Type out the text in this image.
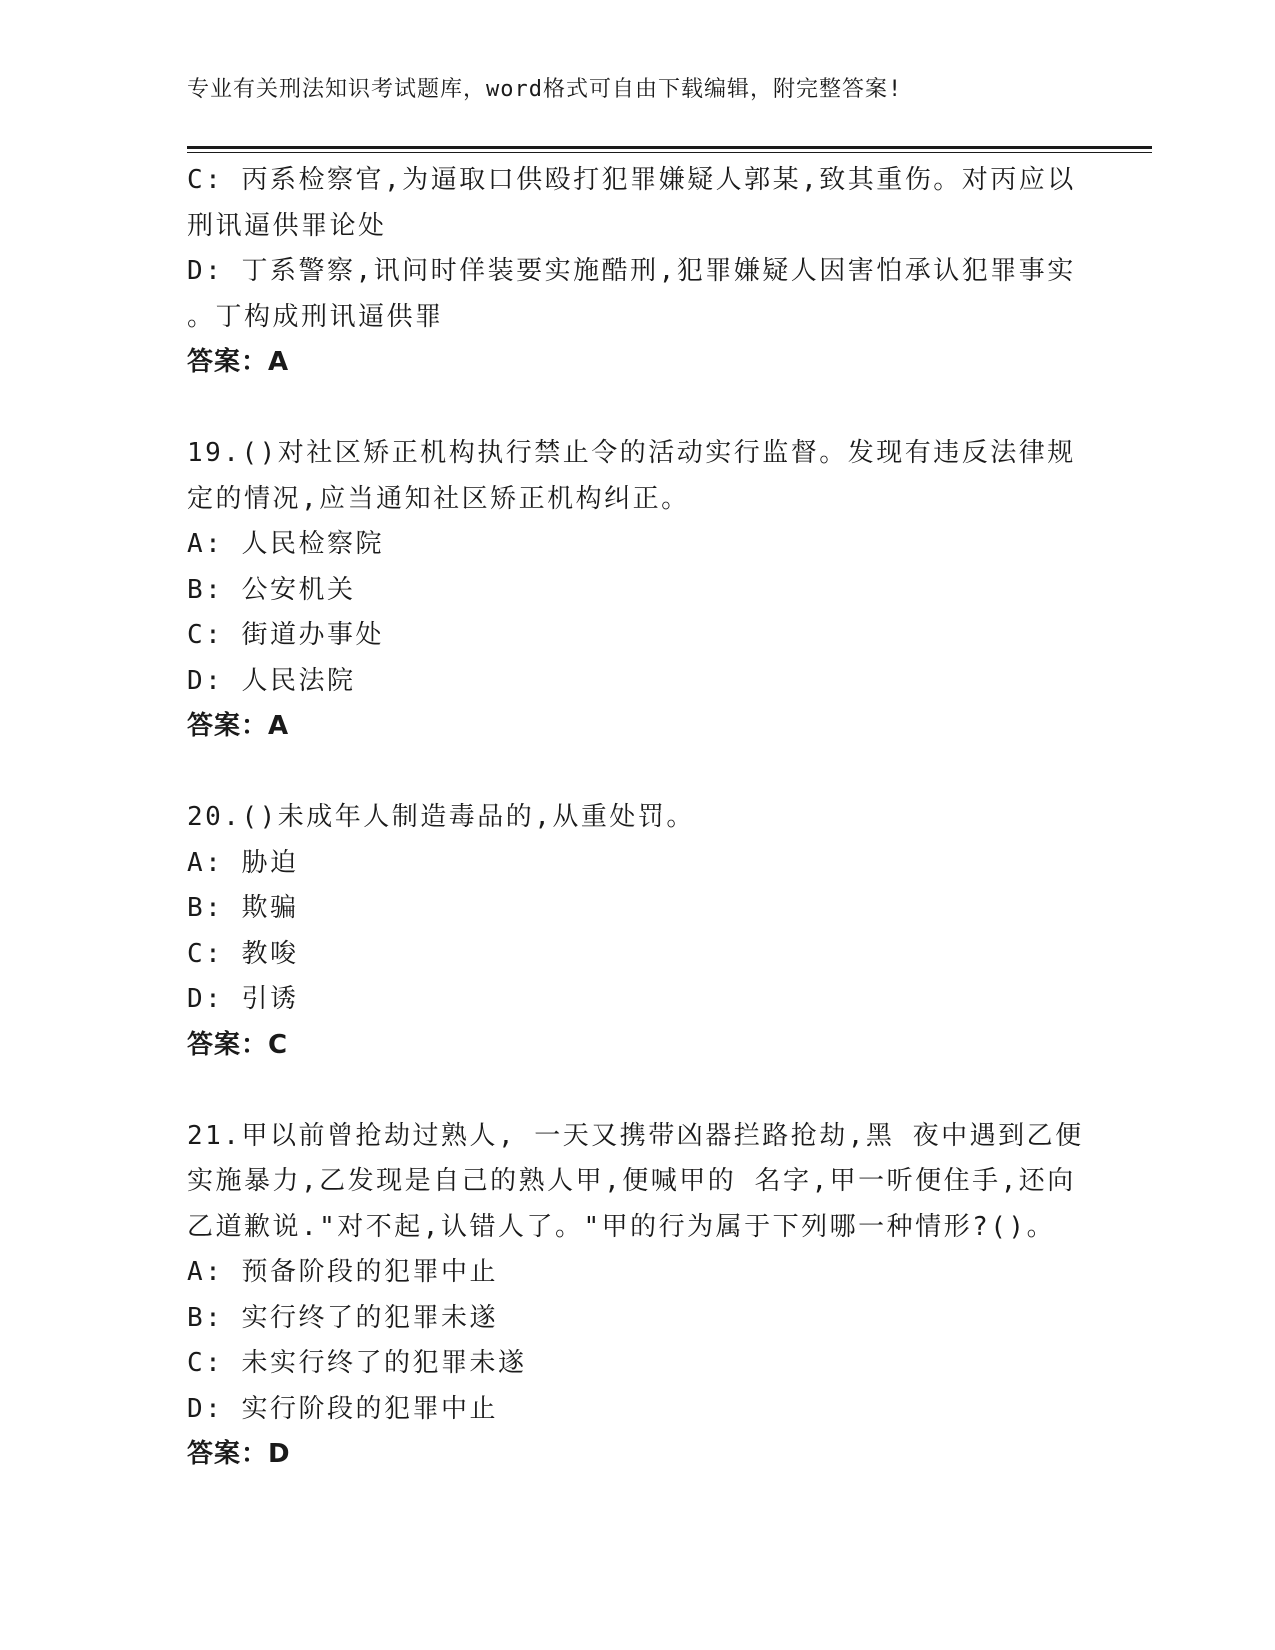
专业有关刑法知识考试题库，word格式可自由下载编辑，附完整答案!
C: 丙系检察官,为逼取口供殴打犯罪嫌疑人郭某,致其重伤。对丙应以
刑讯逼供罪论处
D: 丁系警察,讯问时佯装要实施酷刑,犯罪嫌疑人因害怕承认犯罪事实
。丁构成刑讯逼供罪
答案：A
19.()对社区矫正机构执行禁止令的活动实行监督。发现有违反法律规
定的情况,应当通知社区矫正机构纠正。
A: 人民检察院
B: 公安机关
C: 街道办事处
D: 人民法院
答案：A
20.()未成年人制造毒品的,从重处罚。
A: 胁迫
B: 欺骗
C: 教唆
D: 引诱
答案：C
21.甲以前曾抢劫过熟人, 一天又携带凶器拦路抢劫,黑 夜中遇到乙便
实施暴力,乙发现是自己的熟人甲,便喊甲的 名字,甲一听便住手,还向
乙道歉说."对不起,认错人了。"甲的行为属于下列哪一种情形?()。
A: 预备阶段的犯罪中止
B: 实行终了的犯罪未遂
C: 未实行终了的犯罪未遂
D: 实行阶段的犯罪中止
答案：D
